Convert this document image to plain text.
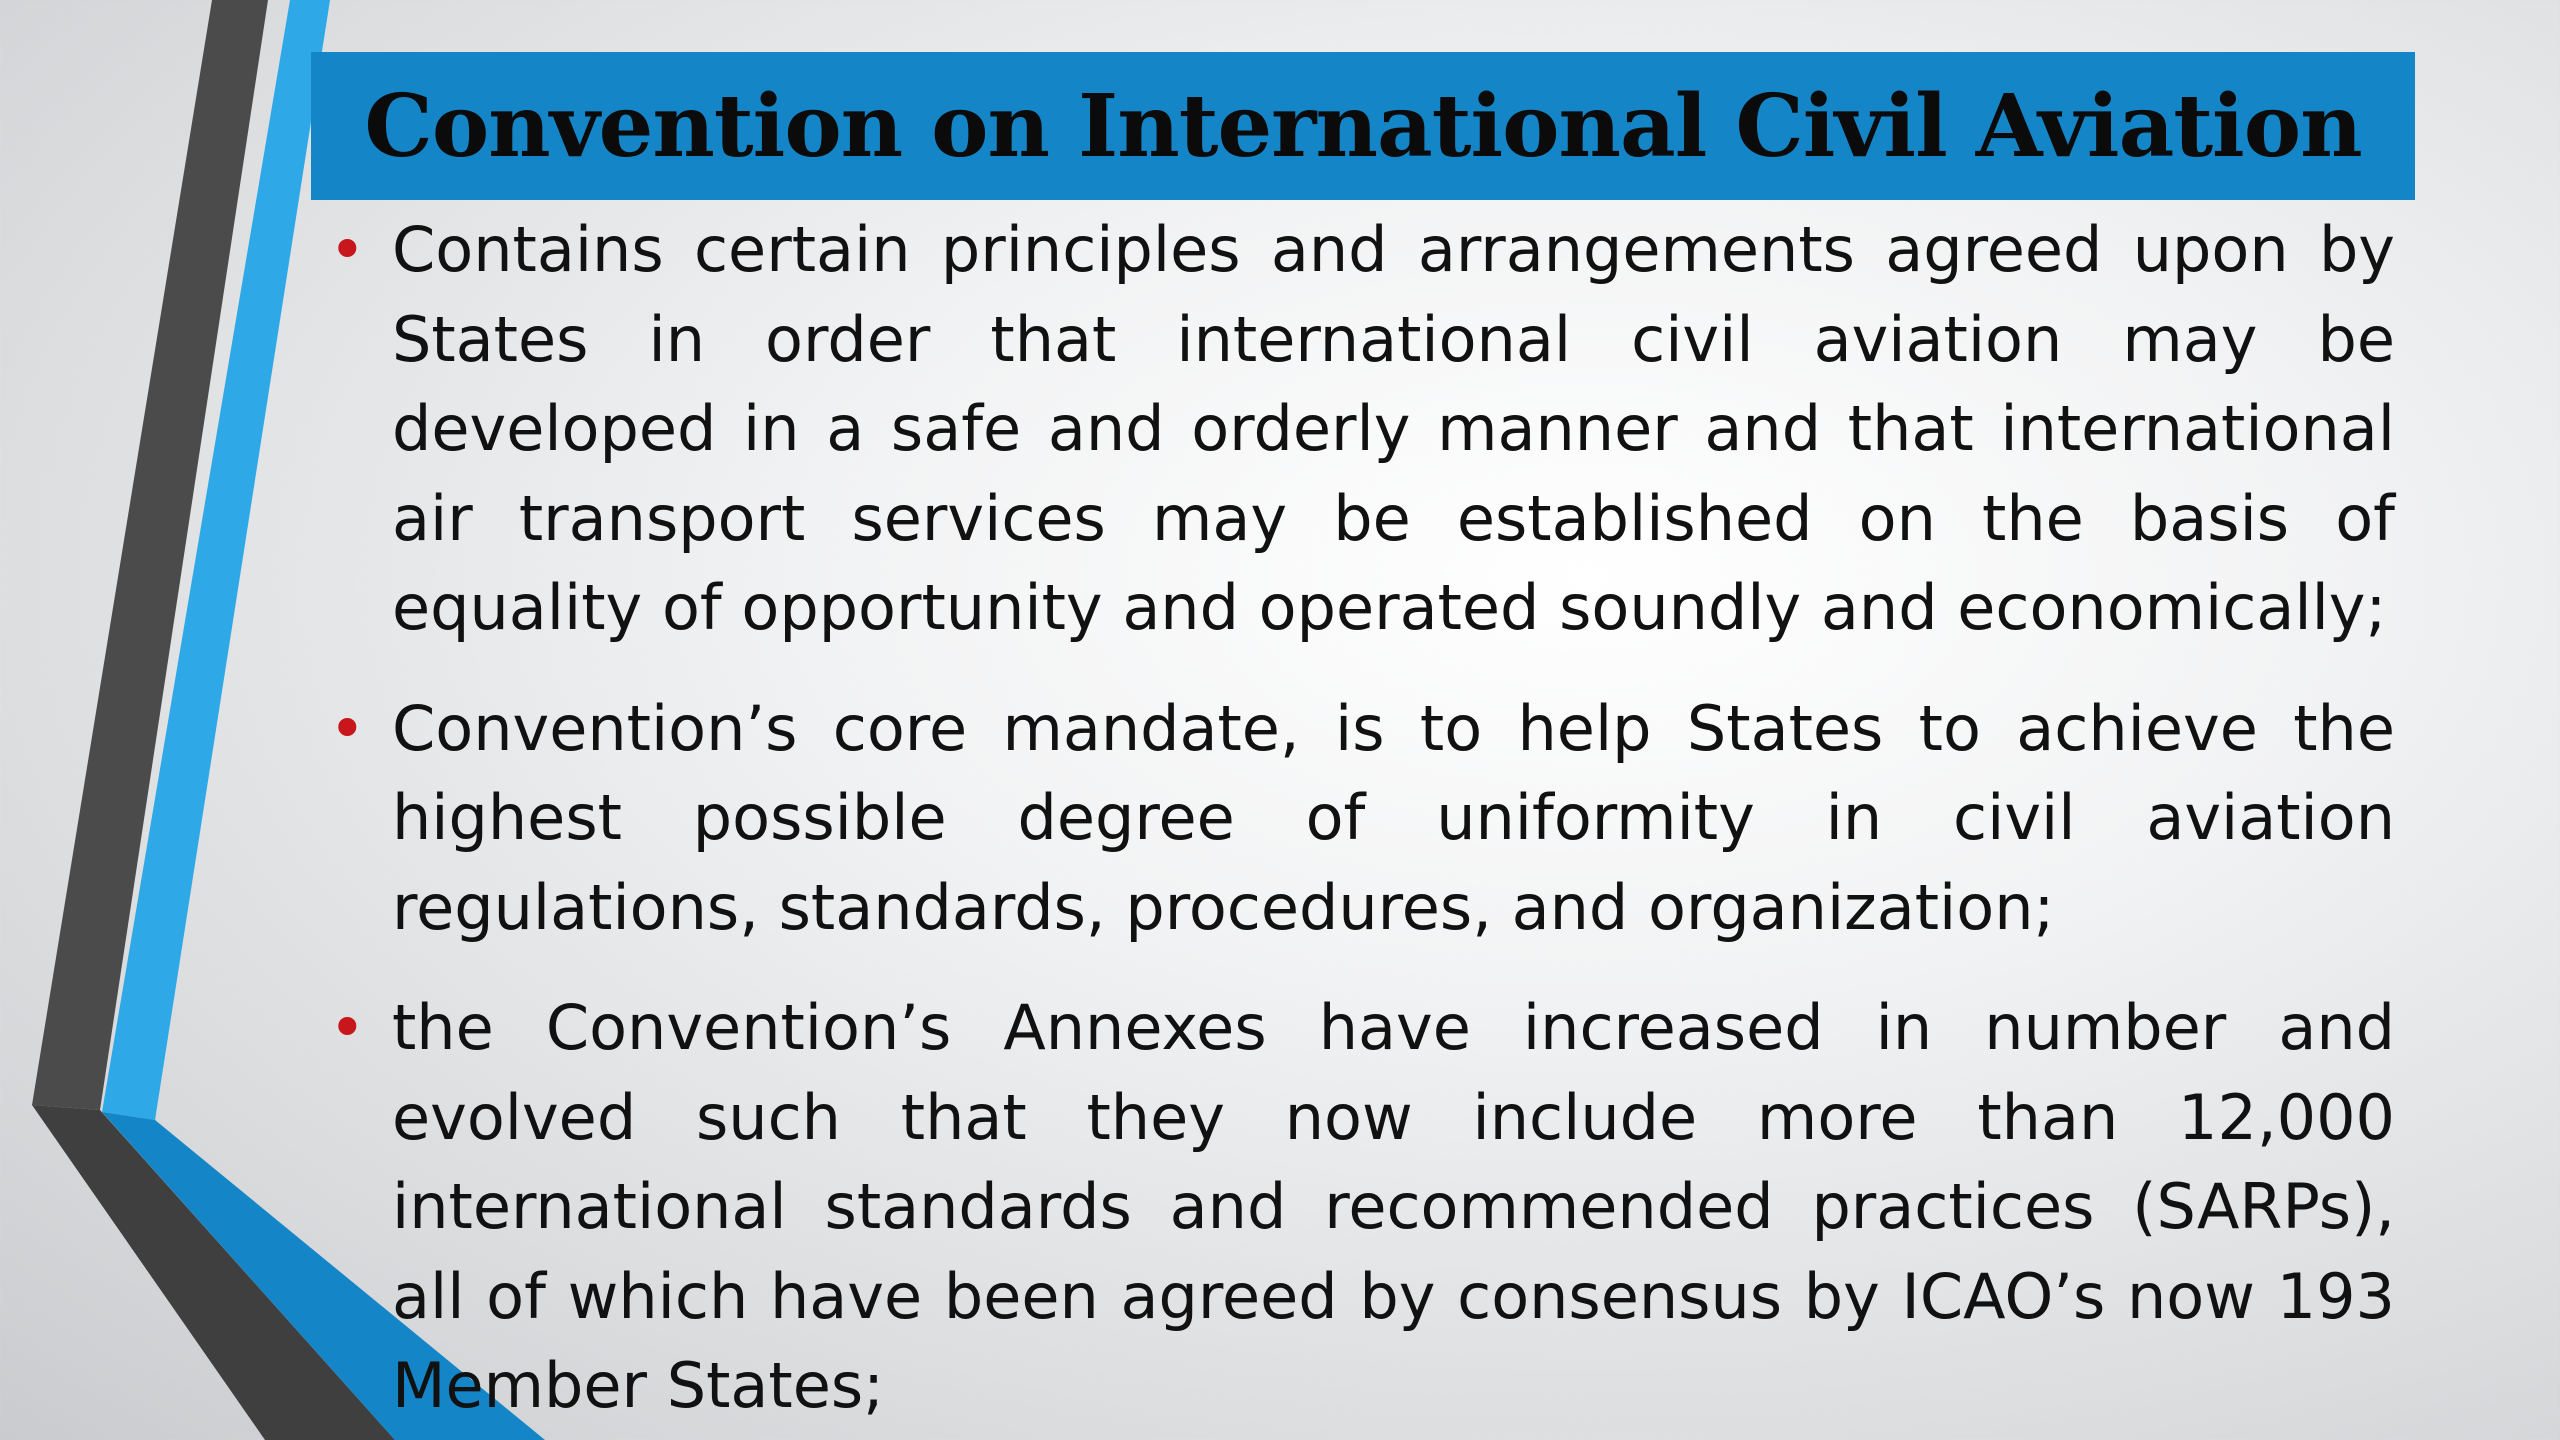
Convention on International Civil Aviation

• Contains certain principles and arrangements agreed upon by States in order that international civil aviation may be developed in a safe and orderly manner and that international air transport services may be established on the basis of equality of opportunity and operated soundly and economically;

• Convention’s core mandate, is to help States to achieve the highest possible degree of uniformity in civil aviation regulations, standards, procedures, and organization;

• the Convention’s Annexes have increased in number and evolved such that they now include more than 12,000 international standards and recommended practices (SARPs), all of which have been agreed by consensus by ICAO’s now 193 Member States;
